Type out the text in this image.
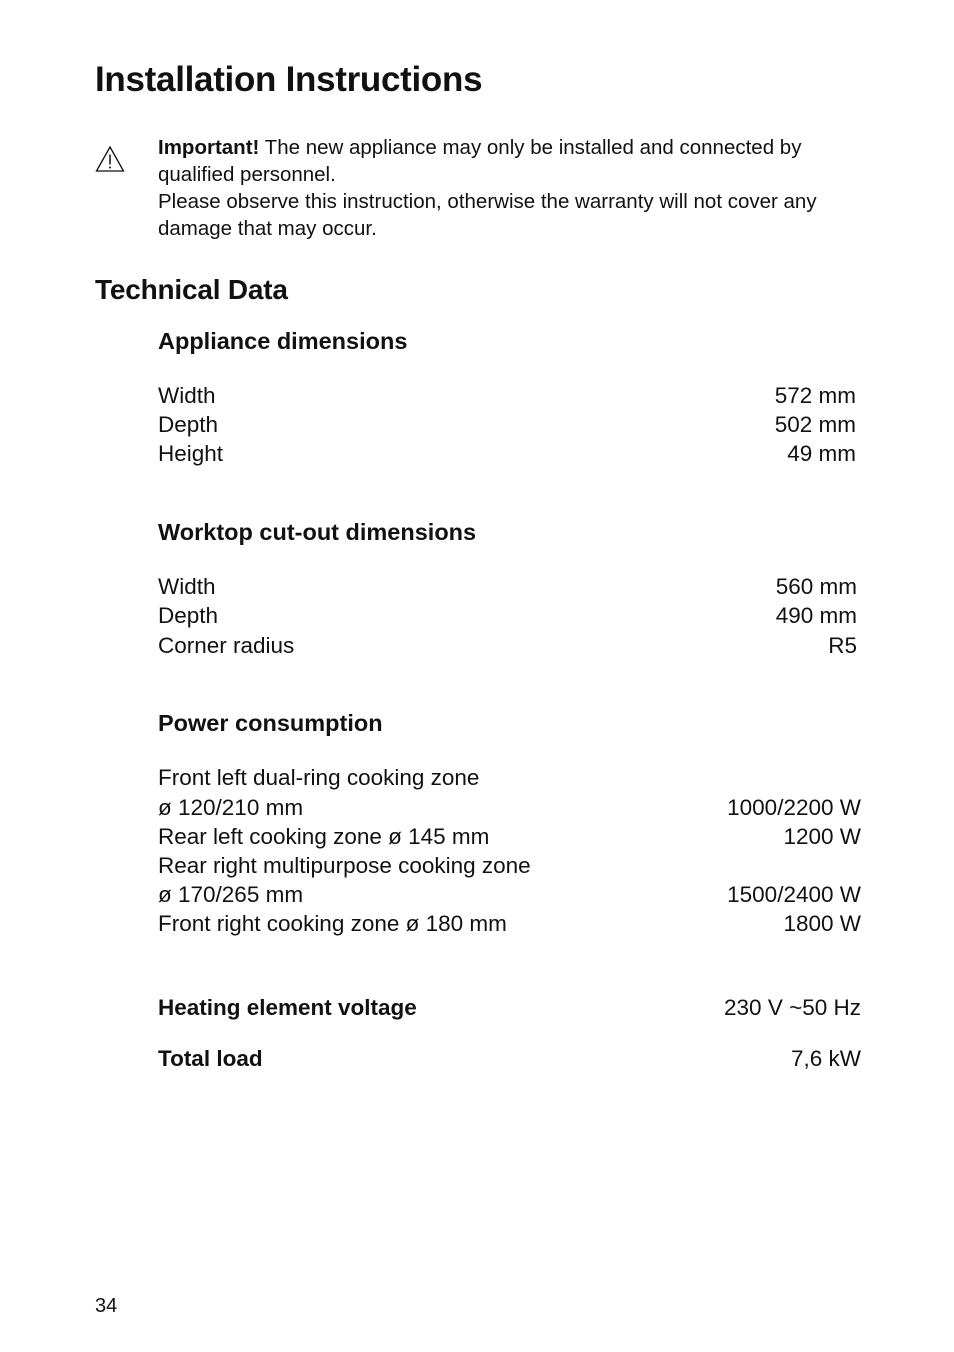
Installation Instructions

Important! The new appliance may only be installed and connected by qualified personnel.

Please observe this instruction, otherwise the warranty will not cover any damage that may occur.

Technical Data
Appliance dimensions
Width	572 mm
Depth	502 mm
Height	49 mm
Worktop cut-out dimensions
Width	560 mm
Depth	490 mm
Corner radius	R5
Power consumption
Front left dual-ring cooking zone
ø 120/210 mm	1000/2200 W
Rear left cooking zone ø 145 mm	1200 W
Rear right multipurpose cooking zone
ø 170/265 mm	1500/2400 W
Front right cooking zone ø 180 mm	1800 W
Heating element voltage	230 V ~50 Hz
Total load	7,6 kW
34
